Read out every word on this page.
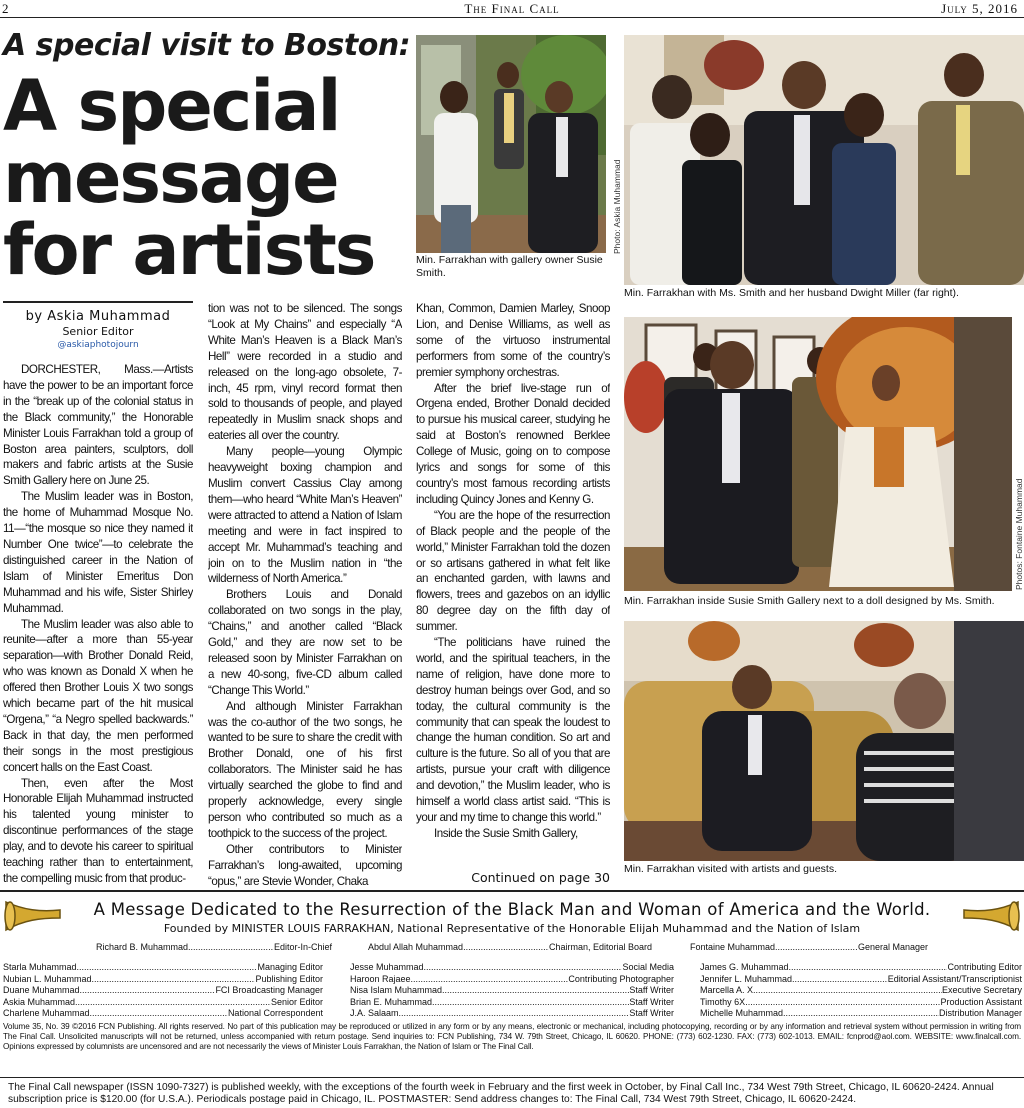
2	The Final Call	July 5, 2016
A special visit to Boston:
A special message for artists
by Askia Muhammad
Senior Editor
@askiaphotojourn

DORCHESTER, Mass.—Artists have the power to be an important force in the “break up of the colonial status in the Black community,” the Honorable Minister Louis Farrakhan told a group of Boston area painters, sculptors, doll makers and fabric artists at the Susie Smith Gallery here on June 25.

The Muslim leader was in Boston, the home of Muhammad Mosque No. 11—“the mosque so nice they named it Number One twice”—to celebrate the distinguished career in the Nation of Islam of Minister Emeritus Don Muhammad and his wife, Sister Shirley Muhammad.

The Muslim leader was also able to reunite—after a more than 55-year separation—with Brother Donald Reid, who was known as Donald X when he offered then Brother Louis X two songs which became part of the hit musical “Orgena,” “a Negro spelled backwards.” Back in that day, the men performed their songs in the most prestigious concert halls on the East Coast.

Then, even after the Most Honorable Elijah Muhammad instructed his talented young minister to discontinue performances of the stage play, and to devote his career to spiritual teaching rather than to entertainment, the compelling music from that produc-

tion was not to be silenced. The songs “Look at My Chains” and especially “A White Man’s Heaven is a Black Man’s Hell” were recorded in a studio and released on the long-ago obsolete, 7-inch, 45 rpm, vinyl record format then sold to thousands of people, and played repeatedly in Muslim snack shops and eateries all over the country.

Many people—young Olympic heavyweight boxing champion and Muslim convert Cassius Clay among them—who heard “White Man’s Heaven” were attracted to attend a Nation of Islam meeting and were in fact inspired to accept Mr. Muhammad’s teaching and join on to the Muslim nation in “the wilderness of North America.”

Brothers Louis and Donald collaborated on two songs in the play, “Chains,” and another called “Black Gold,” and they are now set to be released soon by Minister Farrakhan on a new 40-song, five-CD album called “Change This World.”

And although Minister Farrakhan was the co-author of the two songs, he wanted to be sure to share the credit with Brother Donald, one of his first collaborators. The Minister said he has virtually searched the globe to find and properly acknowledge, every single person who contributed so much as a toothpick to the success of the project.

Other contributors to Minister Farrakhan’s long-awaited, upcoming “opus,” are Stevie Wonder, Chaka

Khan, Common, Damien Marley, Snoop Lion, and Denise Williams, as well as some of the virtuoso instrumental performers from some of the country’s premier symphony orchestras.

After the brief live-stage run of Orgena ended, Brother Donald decided to pursue his musical career, studying he said at Boston’s renowned Berklee College of Music, going on to compose lyrics and songs for some of this country’s most famous recording artists including Quincy Jones and Kenny G.

“You are the hope of the resurrection of Black people and the people of the world,” Minister Farrakhan told the dozen or so artisans gathered in what felt like an enchanted garden, with lawns and flowers, trees and gazebos on an idyllic 80 degree day on the fifth day of summer.

“The politicians have ruined the world, and the spiritual teachers, in the name of religion, have done more to destroy human beings over God, and so today, the cultural community is the community that can speak the loudest to change the human condition. So art and culture is the future. So all of you that are artists, pursue your craft with diligence and devotion,” the Muslim leader, who is himself a world class artist said. “This is your and my time to change this world.”

Inside the Susie Smith Gallery,

Continued on page 30
Min. Farrakhan with gallery owner Susie Smith.
Photo: Askia Muhammad
Min. Farrakhan with Ms. Smith and her husband Dwight Miller (far right).
Min. Farrakhan inside Susie Smith Gallery next to a doll designed by Ms. Smith.
Photos: Fontaine Muhammad
Min. Farrakhan visited with artists and guests.
A Message Dedicated to the Resurrection of the Black Man and Woman of America and the World.
Founded by MINISTER LOUIS FARRAKHAN, National Representative of the Honorable Elijah Muhammad and the Nation of Islam
Richard B. Muhammad .....	Editor-In-Chief	Abdul Allah Muhammad .....	Chairman, Editorial Board	Fontaine Muhammad .....	General Manager
Starla Muhammad .....	Managing Editor
Nubian L. Muhammad .....	Publishing Editor
Duane Muhammad .....	FCI Broadcasting Manager
Askia Muhammad .....	Senior Editor
Charlene Muhammad .....	National Correspondent
Jesse Muhammad .....	Social Media
Haroon Rajaee .....	Contributing Photographer
Nisa Islam Muhammad .....	Staff Writer
Brian E. Muhammad .....	Staff Writer
J.A. Salaam .....	Staff Writer
James G. Muhammad .....	Contributing Editor
Jennifer L. Muhammad .....	Editorial Assistant/Transcriptionist
Marcella A. X. .....	Executive Secretary
Timothy 6X .....	Production Assistant
Michelle Muhammad .....	Distribution Manager
Volume 35, No. 39 ©2016 FCN Publishing. All rights reserved. No part of this publication may be reproduced or utilized in any form or by any means, electronic or mechanical, including photocopying, recording or by any information and retrieval system without permission in writing from The Final Call. Unsolicited manuscripts will not be returned, unless accompanied with return postage. Send inquiries to: FCN Publishing, 734 W. 79th Street, Chicago, IL 60620. PHONE: (773) 602-1230. FAX: (773) 602-1013. EMAIL: fcnprod@aol.com. WEBSITE: www.finalcall.com. Opinions expressed by columnists are uncensored and are not necessarily the views of Minister Louis Farrakhan, the Nation of Islam or The Final Call.
The Final Call newspaper (ISSN 1090-7327) is published weekly, with the exceptions of the fourth week in February and the first week in October, by Final Call Inc., 734 West 79th Street, Chicago, IL 60620-2424. Annual subscription price is $120.00 (for U.S.A.). Periodicals postage paid in Chicago, IL. POSTMASTER: Send address changes to: The Final Call, 734 West 79th Street, Chicago, IL 60620-2424.
